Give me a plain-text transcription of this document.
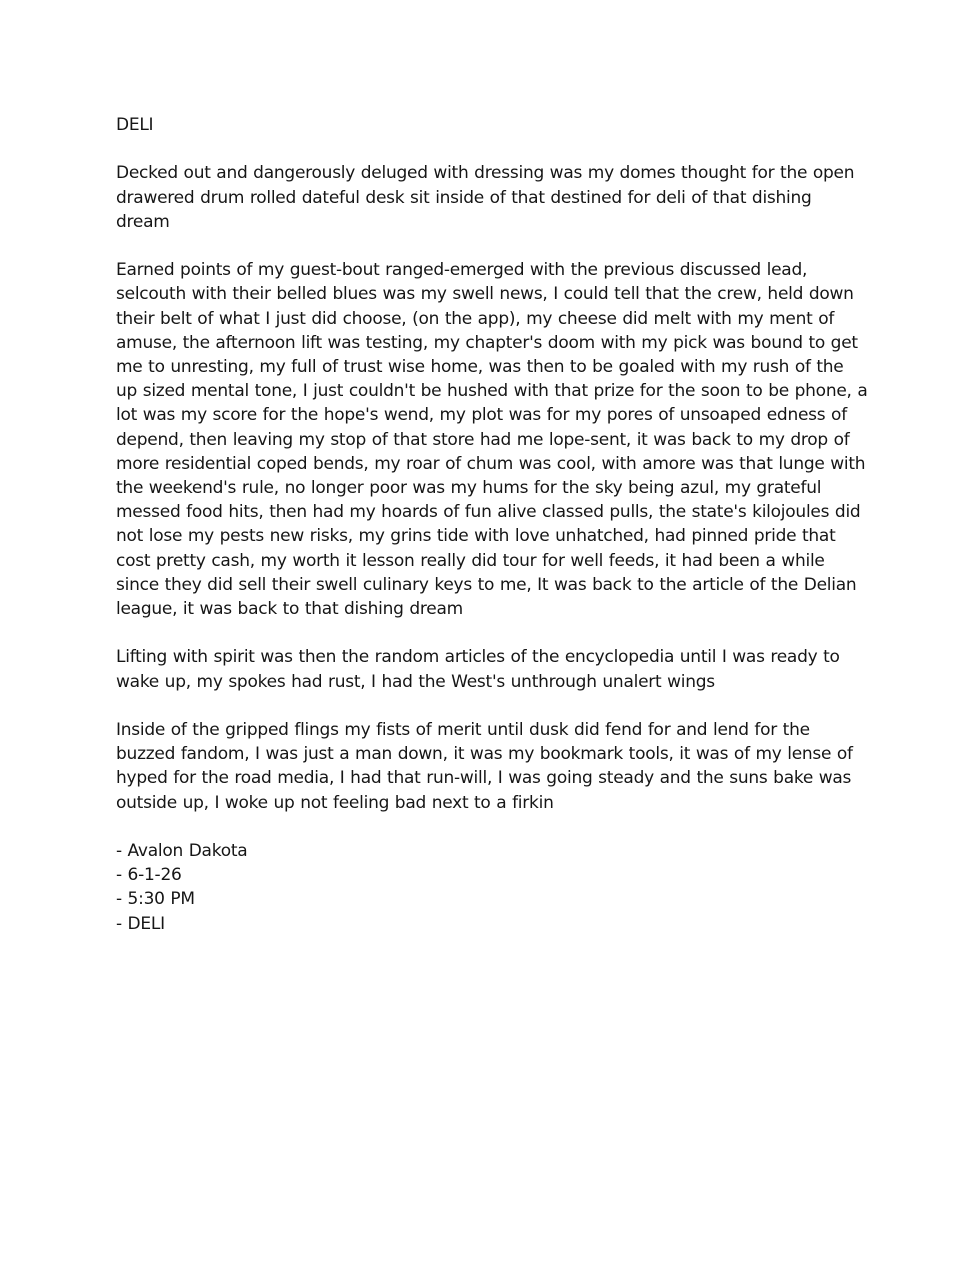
DELI

Decked out and dangerously deluged with dressing was my domes thought for the open drawered drum rolled dateful desk sit inside of that destined for deli of that dishing dream

Earned points of my guest-bout ranged-emerged with the previous discussed lead, selcouth with their belled blues was my swell news, I could tell that the crew, held down their belt of what I just did choose, (on the app), my cheese did melt with my ment of amuse, the afternoon lift was testing, my chapter's doom with my pick was bound to get me to unresting, my full of trust wise home, was then to be goaled with my rush of the up sized mental tone, I just couldn't be hushed with that prize for the soon to be phone, a lot was my score for the hope's wend, my plot was for my pores of unsoaped edness of depend, then leaving my stop of that store had me lope-sent, it was back to my drop of more residential coped bends, my roar of chum was cool, with amore was that lunge with the weekend's rule, no longer poor was my hums for the sky being azul, my grateful messed food hits, then had my hoards of fun alive classed pulls, the state's kilojoules did not lose my pests new risks, my grins tide with love unhatched, had pinned pride that cost pretty cash, my worth it lesson really did tour for well feeds, it had been a while since they did sell their swell culinary keys to me, It was back to the article of the Delian league, it was back to that dishing dream

Lifting with spirit was then the random articles of the encyclopedia until I was ready to wake up, my spokes had rust, I had the West's unthrough unalert wings

Inside of the gripped flings my fists of merit until dusk did fend for and lend for the buzzed fandom, I was just a man down, it was my bookmark tools, it was of my lense of hyped for the road media, I had that run-will, I was going steady and the suns bake was outside up, I woke up not feeling bad next to a firkin

- Avalon Dakota

- 6-1-26

- 5:30 PM

- DELI
